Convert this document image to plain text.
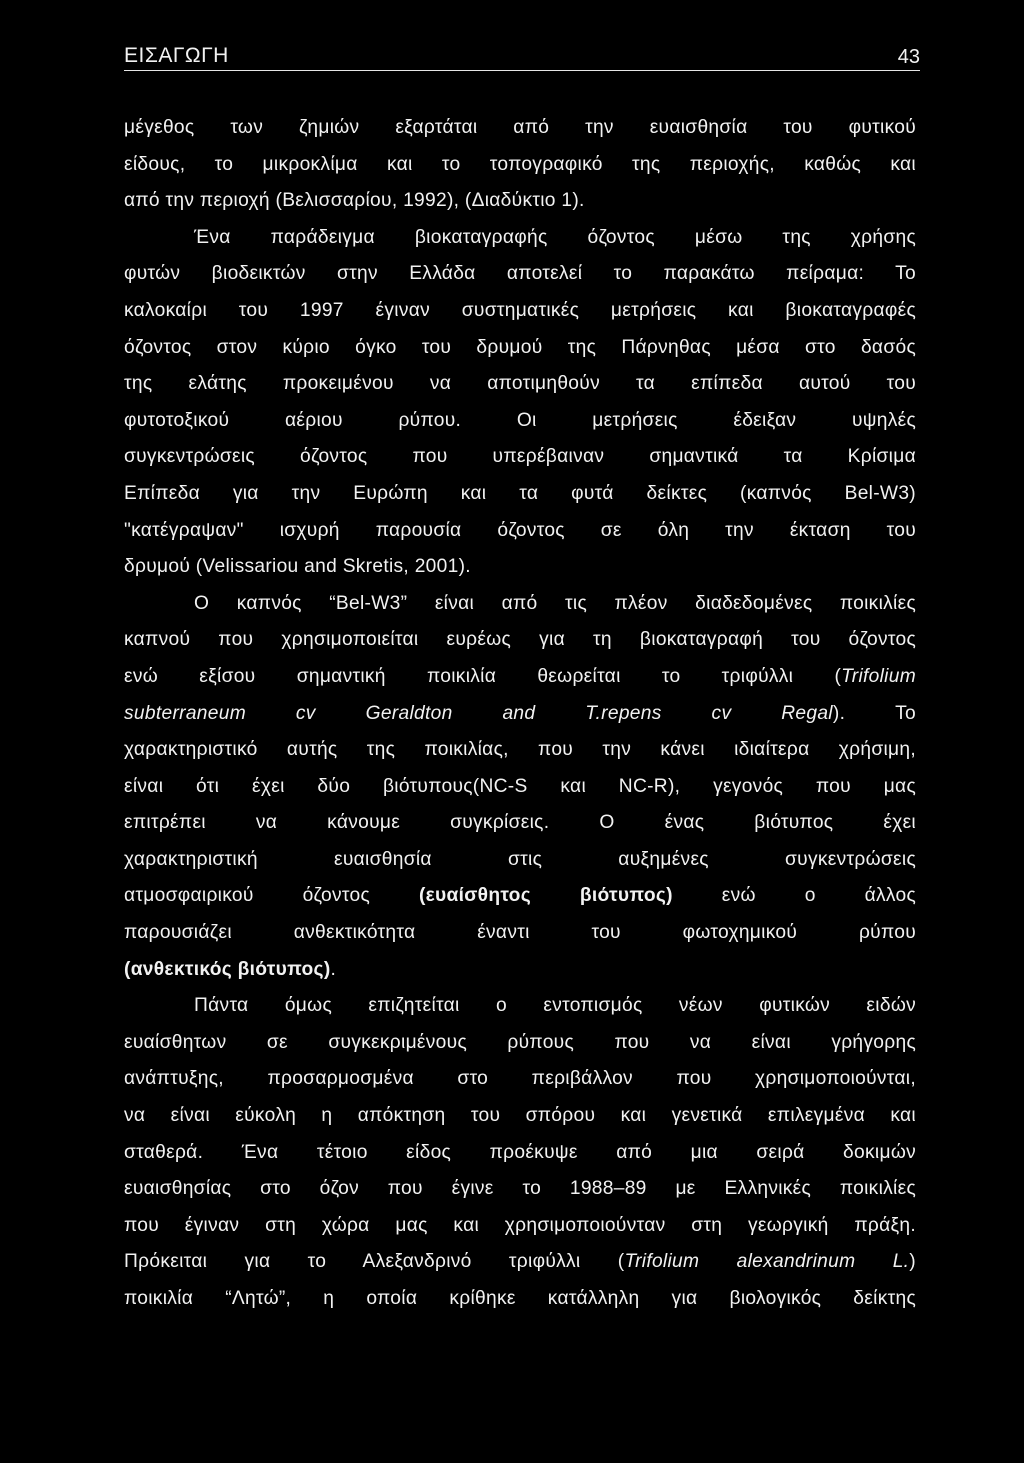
ΕΙΣΑΓΩΓΗ	43
μέγεθος των ζημιών εξαρτάται από την ευαισθησία του φυτικού
είδους, το μικροκλίμα και το τοπογραφικό της περιοχής, καθώς και
από την περιοχή (Βελισσαρίου, 1992), (Διαδύκτιο 1).
Ένα παράδειγμα βιοκαταγραφής όζοντος μέσω της χρήσης
φυτών βιοδεικτών στην Ελλάδα αποτελεί το παρακάτω πείραμα: Το
καλοκαίρι του 1997 έγιναν συστηματικές μετρήσεις και βιοκαταγραφές
όζοντος στον κύριο όγκο του δρυμού της Πάρνηθας μέσα στο δασός
της ελάτης προκειμένου να αποτιμηθούν τα επίπεδα αυτού του
φυτοτοξικού αέριου ρύπου. Οι μετρήσεις έδειξαν υψηλές
συγκεντρώσεις όζοντος που υπερέβαιναν σημαντικά τα Κρίσιμα
Επίπεδα για την Ευρώπη και τα φυτά δείκτες (καπνός Bel-W3)
"κατέγραψαν" ισχυρή παρουσία όζοντος σε όλη την έκταση του
δρυμού (Velissariou and Skretis, 2001).
Ο καπνός “Bel-W3” είναι από τις πλέον διαδεδομένες ποικιλίες
καπνού που χρησιμοποιείται ευρέως για τη βιοκαταγραφή του όζοντος
ενώ εξίσου σημαντική ποικιλία θεωρείται το τριφύλλι (Trifolium
subterraneum cv Geraldton and T.repens cv Regal). Το
χαρακτηριστικό αυτής της ποικιλίας, που την κάνει ιδιαίτερα χρήσιμη,
είναι ότι έχει δύο βιότυπους(NC-S και NC-R), γεγονός που μας
επιτρέπει να κάνουμε συγκρίσεις. Ο ένας βιότυπος έχει
χαρακτηριστική ευαισθησία στις αυξημένες συγκεντρώσεις
ατμοσφαιρικού όζοντος (ευαίσθητος βιότυπος) ενώ ο άλλος
παρουσιάζει ανθεκτικότητα έναντι του φωτοχημικού ρύπου
(ανθεκτικός βιότυπος).
Πάντα όμως επιζητείται ο εντοπισμός νέων φυτικών ειδών
ευαίσθητων σε συγκεκριμένους ρύπους που να είναι γρήγορης
ανάπτυξης, προσαρμοσμένα στο περιβάλλον που χρησιμοποιούνται,
να είναι εύκολη η απόκτηση του σπόρου και γενετικά επιλεγμένα και
σταθερά. Ένα τέτοιο είδος προέκυψε από μια σειρά δοκιμών
ευαισθησίας στο όζον που έγινε το 1988–89 με Ελληνικές ποικιλίες
που έγιναν στη χώρα μας και χρησιμοποιούνταν στη γεωργική πράξη.
Πρόκειται για το Αλεξανδρινό τριφύλλι (Trifolium alexandrinum L.)
ποικιλία “Λητώ”, η οποία κρίθηκε κατάλληλη για βιολογικός δείκτης
